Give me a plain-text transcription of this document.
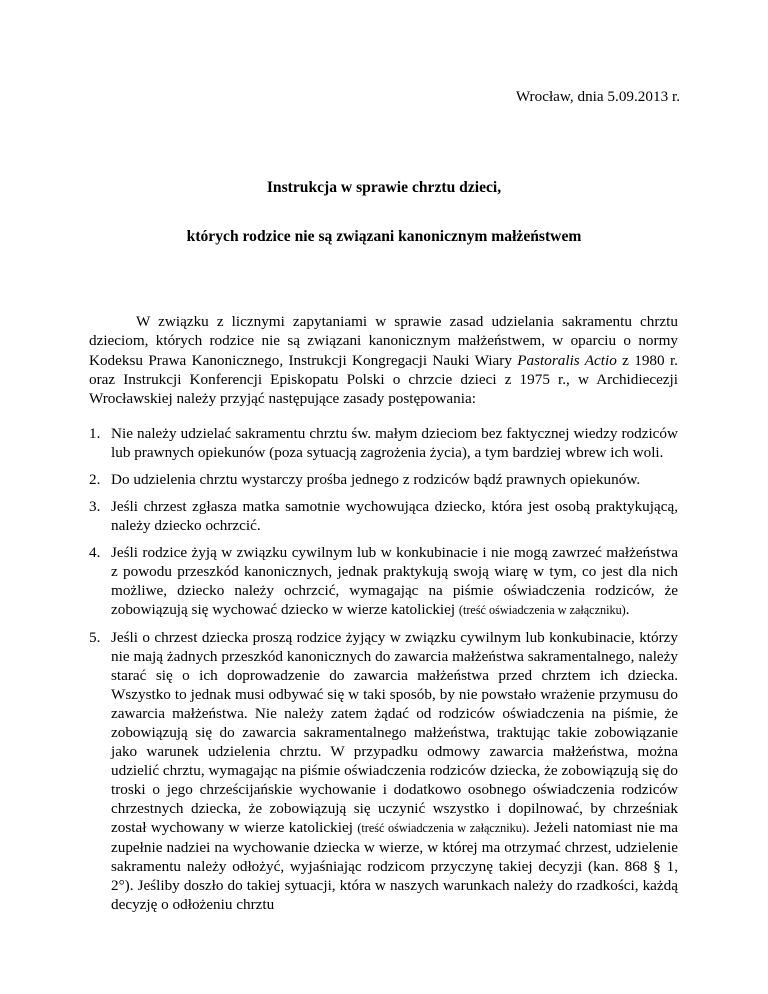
Wrocław, dnia 5.09.2013 r.
Instrukcja w sprawie chrztu dzieci,
których rodzice nie są związani kanonicznym małżeństwem

W związku z licznymi zapytaniami w sprawie zasad udzielania sakramentu chrztu dzieciom, których rodzice nie są związani kanonicznym małżeństwem, w oparciu o normy Kodeksu Prawa Kanonicznego, Instrukcji Kongregacji Nauki Wiary Pastoralis Actio z 1980 r. oraz Instrukcji Konferencji Episkopatu Polski o chrzcie dzieci z 1975 r., w Archidiecezji Wrocławskiej należy przyjąć następujące zasady postępowania:

1. Nie należy udzielać sakramentu chrztu św. małym dzieciom bez faktycznej wiedzy rodziców lub prawnych opiekunów (poza sytuacją zagrożenia życia), a tym bardziej wbrew ich woli.
2. Do udzielenia chrztu wystarczy prośba jednego z rodziców bądź prawnych opiekunów.
3. Jeśli chrzest zgłasza matka samotnie wychowująca dziecko, która jest osobą praktykującą, należy dziecko ochrzcić.
4. Jeśli rodzice żyją w związku cywilnym lub w konkubinacie i nie mogą zawrzeć małżeństwa z powodu przeszkód kanonicznych, jednak praktykują swoją wiarę w tym, co jest dla nich możliwe, dziecko należy ochrzcić, wymagając na piśmie oświadczenia rodziców, że zobowiązują się wychować dziecko w wierze katolickiej (treść oświadczenia w załączniku).
5. Jeśli o chrzest dziecka proszą rodzice żyjący w związku cywilnym lub konkubinacie, którzy nie mają żadnych przeszkód kanonicznych do zawarcia małżeństwa sakramentalnego, należy starać się o ich doprowadzenie do zawarcia małżeństwa przed chrztem ich dziecka. Wszystko to jednak musi odbywać się w taki sposób, by nie powstało wrażenie przymusu do zawarcia małżeństwa. Nie należy zatem żądać od rodziców oświadczenia na piśmie, że zobowiązują się do zawarcia sakramentalnego małżeństwa, traktując takie zobowiązanie jako warunek udzielenia chrztu. W przypadku odmowy zawarcia małżeństwa, można udzielić chrztu, wymagając na piśmie oświadczenia rodziców dziecka, że zobowiązują się do troski o jego chrześcijańskie wychowanie i dodatkowo osobnego oświadczenia rodziców chrzestnych dziecka, że zobowiązują się uczynić wszystko i dopilnować, by chrześniak został wychowany w wierze katolickiej (treść oświadczenia w załączniku). Jeżeli natomiast nie ma zupełnie nadziei na wychowanie dziecka w wierze, w której ma otrzymać chrzest, udzielenie sakramentu należy odłożyć, wyjaśniając rodzicom przyczynę takiej decyzji (kan. 868 § 1, 2°). Jeśliby doszło do takiej sytuacji, która w naszych warunkach należy do rzadkości, każdą decyzję o odłożeniu chrztu
